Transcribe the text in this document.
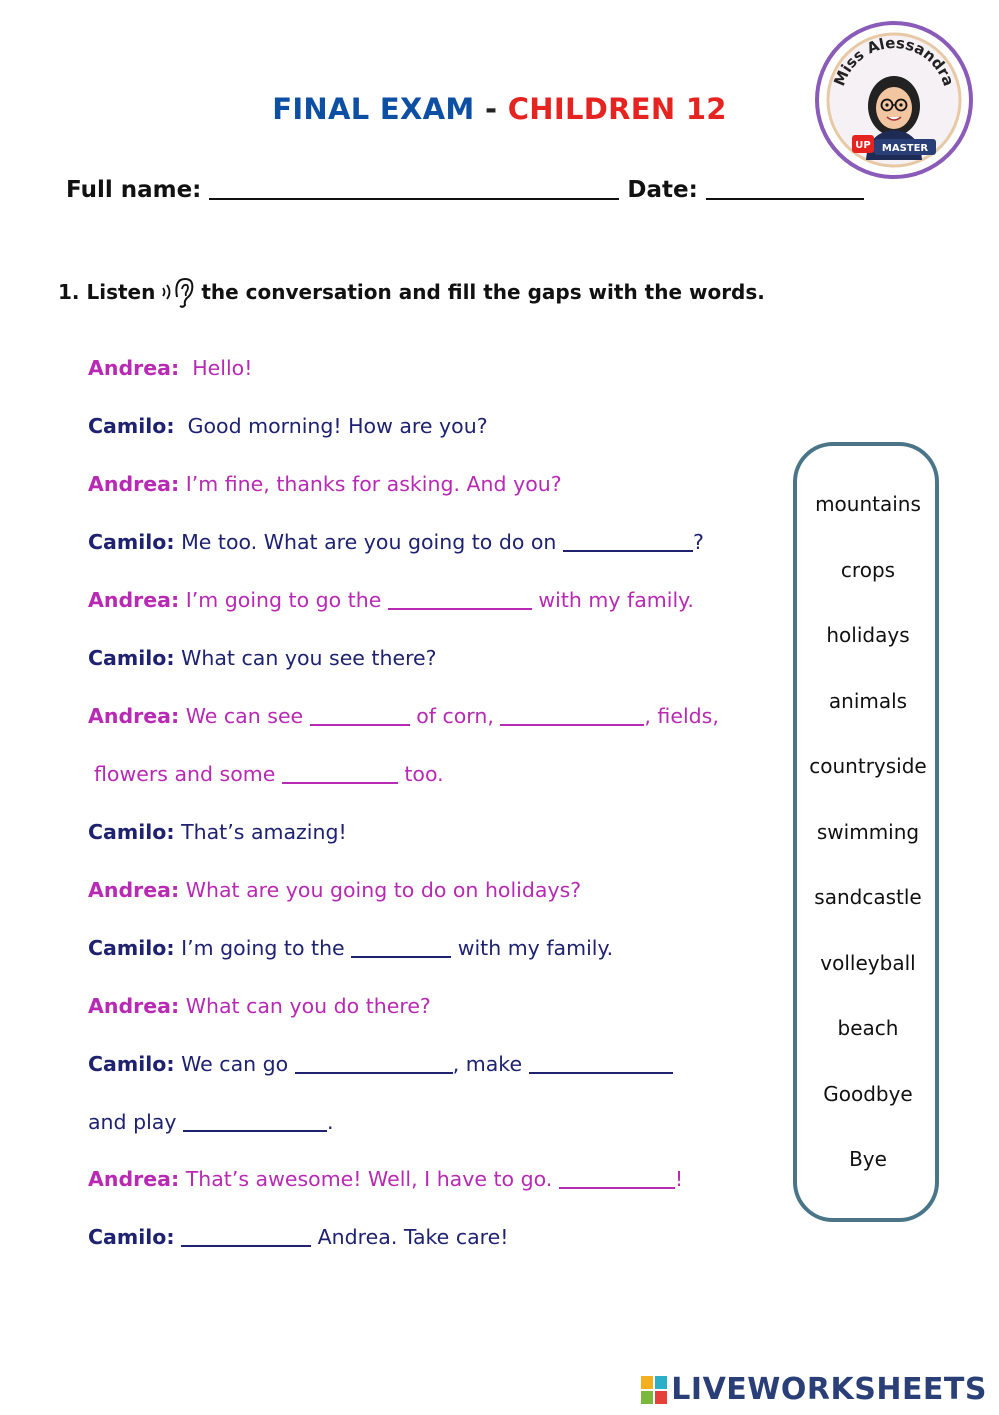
FINAL EXAM - CHILDREN 12
Miss Alessandra
UP MASTER
Full name:	Date:
1. Listen the conversation and fill the gaps with the words.
Andrea: Hello!
Camilo: Good morning! How are you?
Andrea: I’m fine, thanks for asking. And you?
Camilo: Me too. What are you going to do on	?
Andrea: I’m going to go the	with my family.
Camilo: What can you see there?
Andrea: We can see	of corn,	, fields,
flowers and some	too.
Camilo: That’s amazing!
Andrea: What are you going to do on holidays?
Camilo: I’m going to the	with my family.
Andrea: What can you do there?
Camilo: We can go	, make
and play	.
Andrea: That’s awesome! Well, I have to go.	!
Camilo:	Andrea. Take care!
mountains
crops
holidays
animals
countryside
swimming
sandcastle
volleyball
beach
Goodbye
Bye
LIVEWORKSHEETS
